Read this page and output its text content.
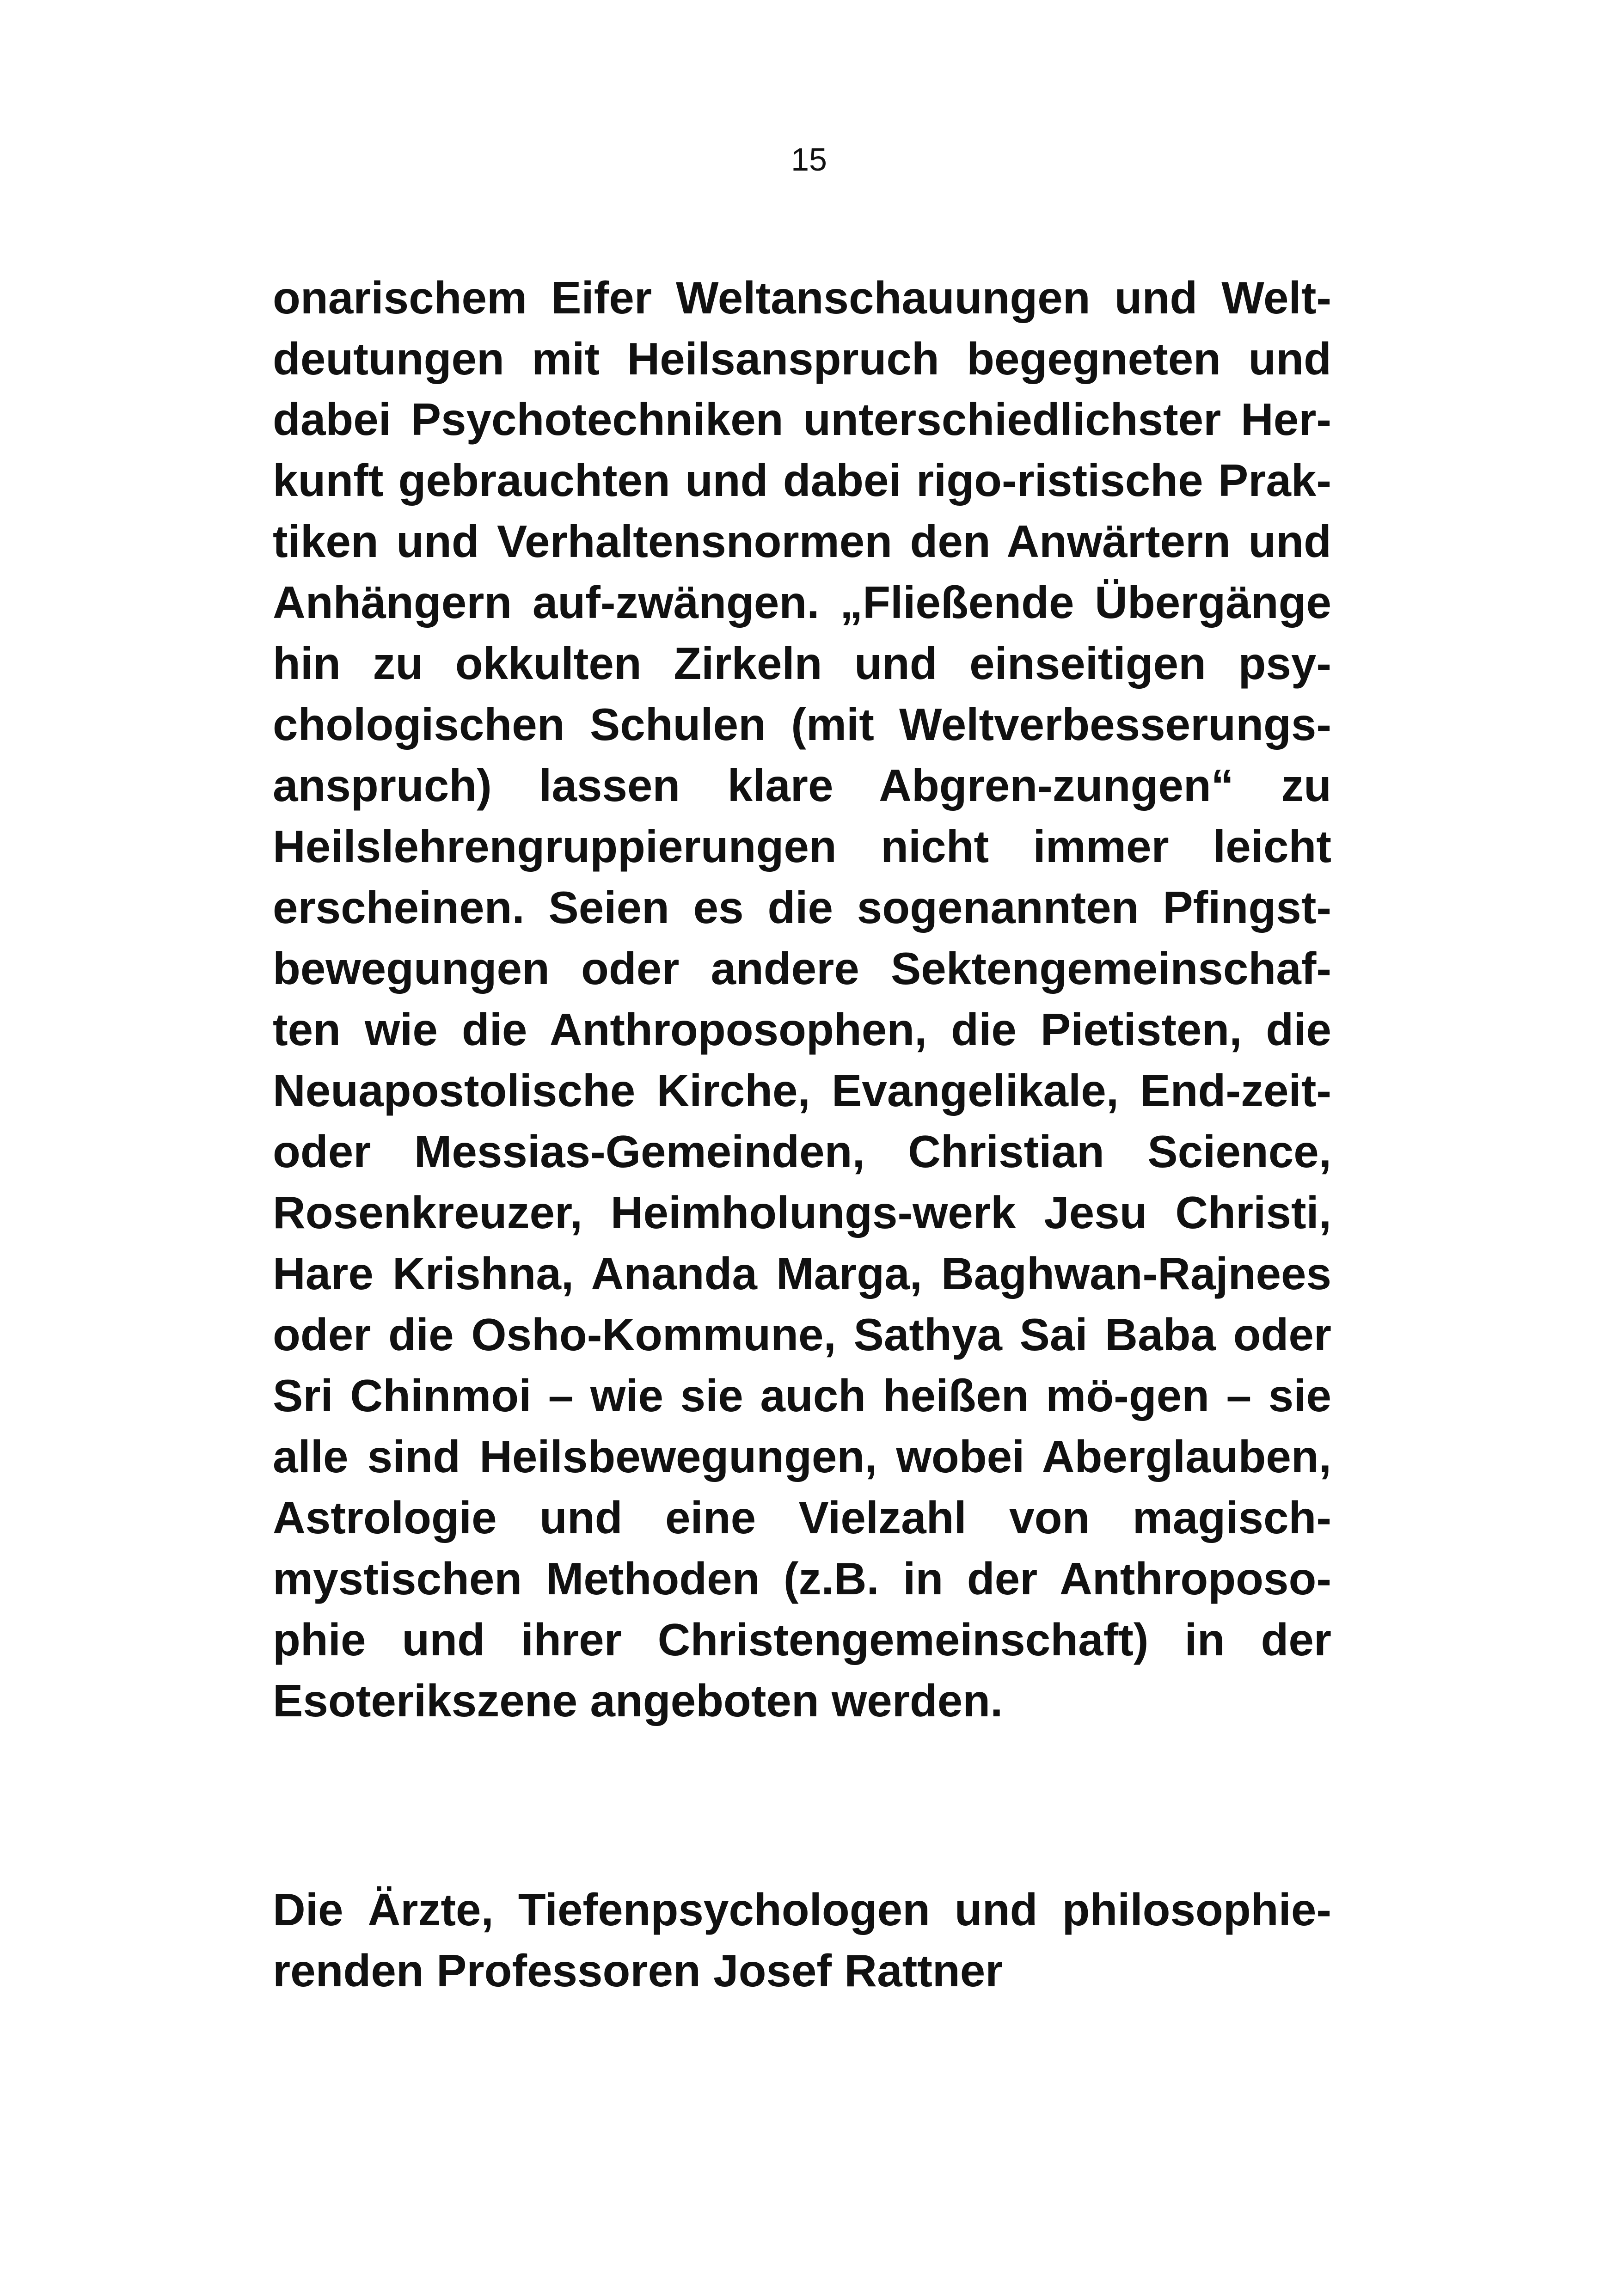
15
onarischem Eifer Weltanschauungen und Welt-
deutungen mit Heilsanspruch begegneten und
dabei Psychotechniken unterschiedlichster Her-
kunft gebrauchten und dabei rigo-ristische Prak-
tiken und Verhaltensnormen den Anwärtern und
Anhängern auf-zwängen. „Fließende Übergänge
hin zu okkulten Zirkeln und einseitigen psy-
chologischen Schulen (mit Weltverbesserungs-
anspruch) lassen klare Abgren-zungen“ zu
Heilslehrengruppierungen nicht immer leicht
erscheinen. Seien es die sogenannten Pfingst-
bewegungen oder andere Sektengemeinschaf-
ten wie die Anthroposophen, die Pietisten, die
Neuapostolische Kirche, Evangelikale, End-zeit-
oder Messias-Gemeinden, Christian Science,
Rosenkreuzer, Heimholungs-werk Jesu Christi,
Hare Krishna, Ananda Marga, Baghwan-Rajnees
oder die Osho-Kommune, Sathya Sai Baba oder
Sri Chinmoi – wie sie auch heißen mö-gen – sie
alle sind Heilsbewegungen, wobei Aberglauben,
Astrologie und eine Vielzahl von magisch-
mystischen Methoden (z.B. in der Anthroposo-
phie und ihrer Christengemeinschaft) in der
Esoterikszene angeboten werden.
Die Ärzte, Tiefenpsychologen und philosophie-
renden Professoren Josef Rattner
